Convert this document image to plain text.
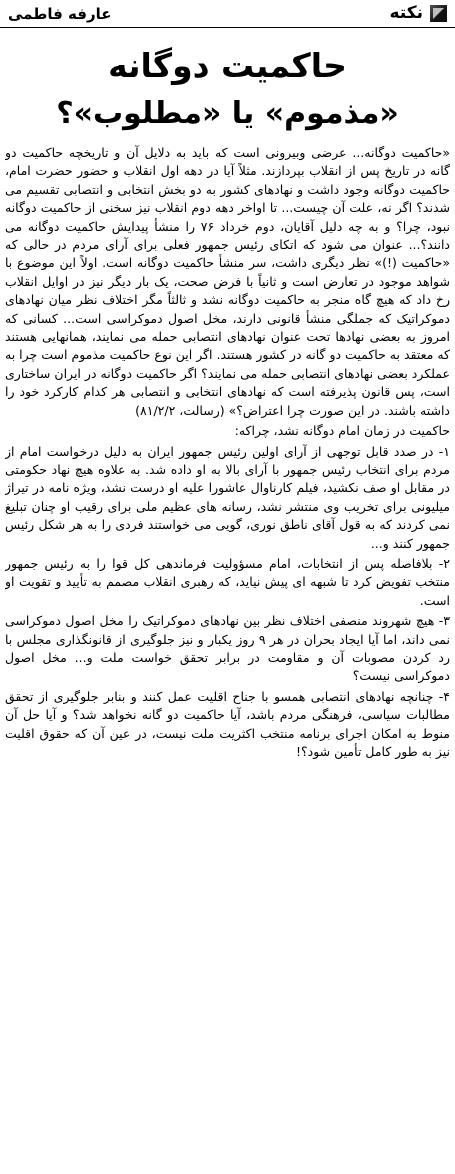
نکته
عارفه فاطمی
حاکمیت دوگانه
«مذموم» یا «مطلوب»؟

«حاکمیت دوگانه... عرضی وبیرونی است که باید به دلایل آن و تاریخچه حاکمیت دو گانه در تاریخ پس از انقلاب بپردازند. مثلاً آیا در دهه اول انقلاب و حضور حضرت امام، حاکمیت دوگانه وجود داشت و نهادهای کشور به دو بخش انتخابی و انتصابی تقسیم می شدند؟ اگر نه، علت آن چیست... تا اواخر دهه دوم انقلاب نیز سخنی از حاکمیت دوگانه نبود، چرا؟ و به چه دلیل آقایان، دوم خرداد ۷۶ را منشأ پیدایش حاکمیت دوگانه می دانند؟... عنوان می شود که اتکای رئیس جمهور فعلی برای آرای مردم در حالی که «حاکمیت (!)» نظر دیگری داشت، سر منشأ حاکمیت دوگانه است. اولاً این موضوع با شواهد موجود در تعارض است و ثانیاً با فرض صحت، یک بار دیگر نیز در اوایل انقلاب رخ داد که هیچ گاه منجر به حاکمیت دوگانه نشد و ثالثاً مگر اختلاف نظر میان نهادهای دموکراتیک که جملگی منشأ قانونی دارند، مخل اصول دموکراسی است... کسانی که امروز به بعضی نهادها تحت عنوان نهادهای انتصابی حمله می نمایند، همانهایی هستند که معتقد به حاکمیت دو گانه در کشور هستند. اگر این نوع حاکمیت مذموم است چرا به عملکرد بعضی نهادهای انتصابی حمله می نمایند؟ اگر حاکمیت دوگانه در ایران ساختاری است، پس قانون پذیرفته است که نهادهای انتخابی و انتصابی هر کدام کارکرد خود را داشته باشند. در این صورت چرا اعتراض؟» (رسالت، ۸۱/۲/۲)

حاکمیت در زمان امام دوگانه نشد، چراکه:

۱- در صدد قابل توجهی از آرای اولین رئیس جمهور ایران به دلیل درخواست امام از مردم برای انتخاب رئیس جمهور با آرای بالا به او داده شد. به علاوه هیچ نهاد حکومتی در مقابل او صف نکشید، فیلم کارناوال عاشورا علیه او درست نشد، ویژه نامه در تیراژ میلیونی برای تخریب وی منتشر نشد، رسانه های عظیم ملی برای رقیب او چنان تبلیغ نمی کردند که به قول آقای ناطق نوری، گویی می خواستند فردی را به هر شکل رئیس جمهور کنند و...

۲- بلافاصله پس از انتخابات، امام مسؤولیت فرماندهی کل قوا را به رئیس جمهور منتخب تفویض کرد تا شبهه ای پیش نیاید، که رهبری انقلاب مصمم به تأیید و تقویت او است.

۳- هیچ شهروند منصفی اختلاف نظر بین نهادهای دموکراتیک را مخل اصول دموکراسی نمی داند، اما آیا ایجاد بحران در هر ۹ روز یکبار و نیز جلوگیری از قانونگذاری مجلس با رد کردن مصوبات آن و مقاومت در برابر تحقق خواست ملت و... مخل اصول دموکراسی نیست؟

۴- چنانچه نهادهای انتصابی همسو با جناح اقلیت عمل کنند و بنابر جلوگیری از تحقق مطالبات سیاسی، فرهنگی مردم باشد، آیا حاکمیت دو گانه نخواهد شد؟ و آیا حل آن منوط به امکان اجرای برنامه منتخب اکثریت ملت نیست، در عین آن که حقوق اقلیت نیز به طور کامل تأمین شود؟!
